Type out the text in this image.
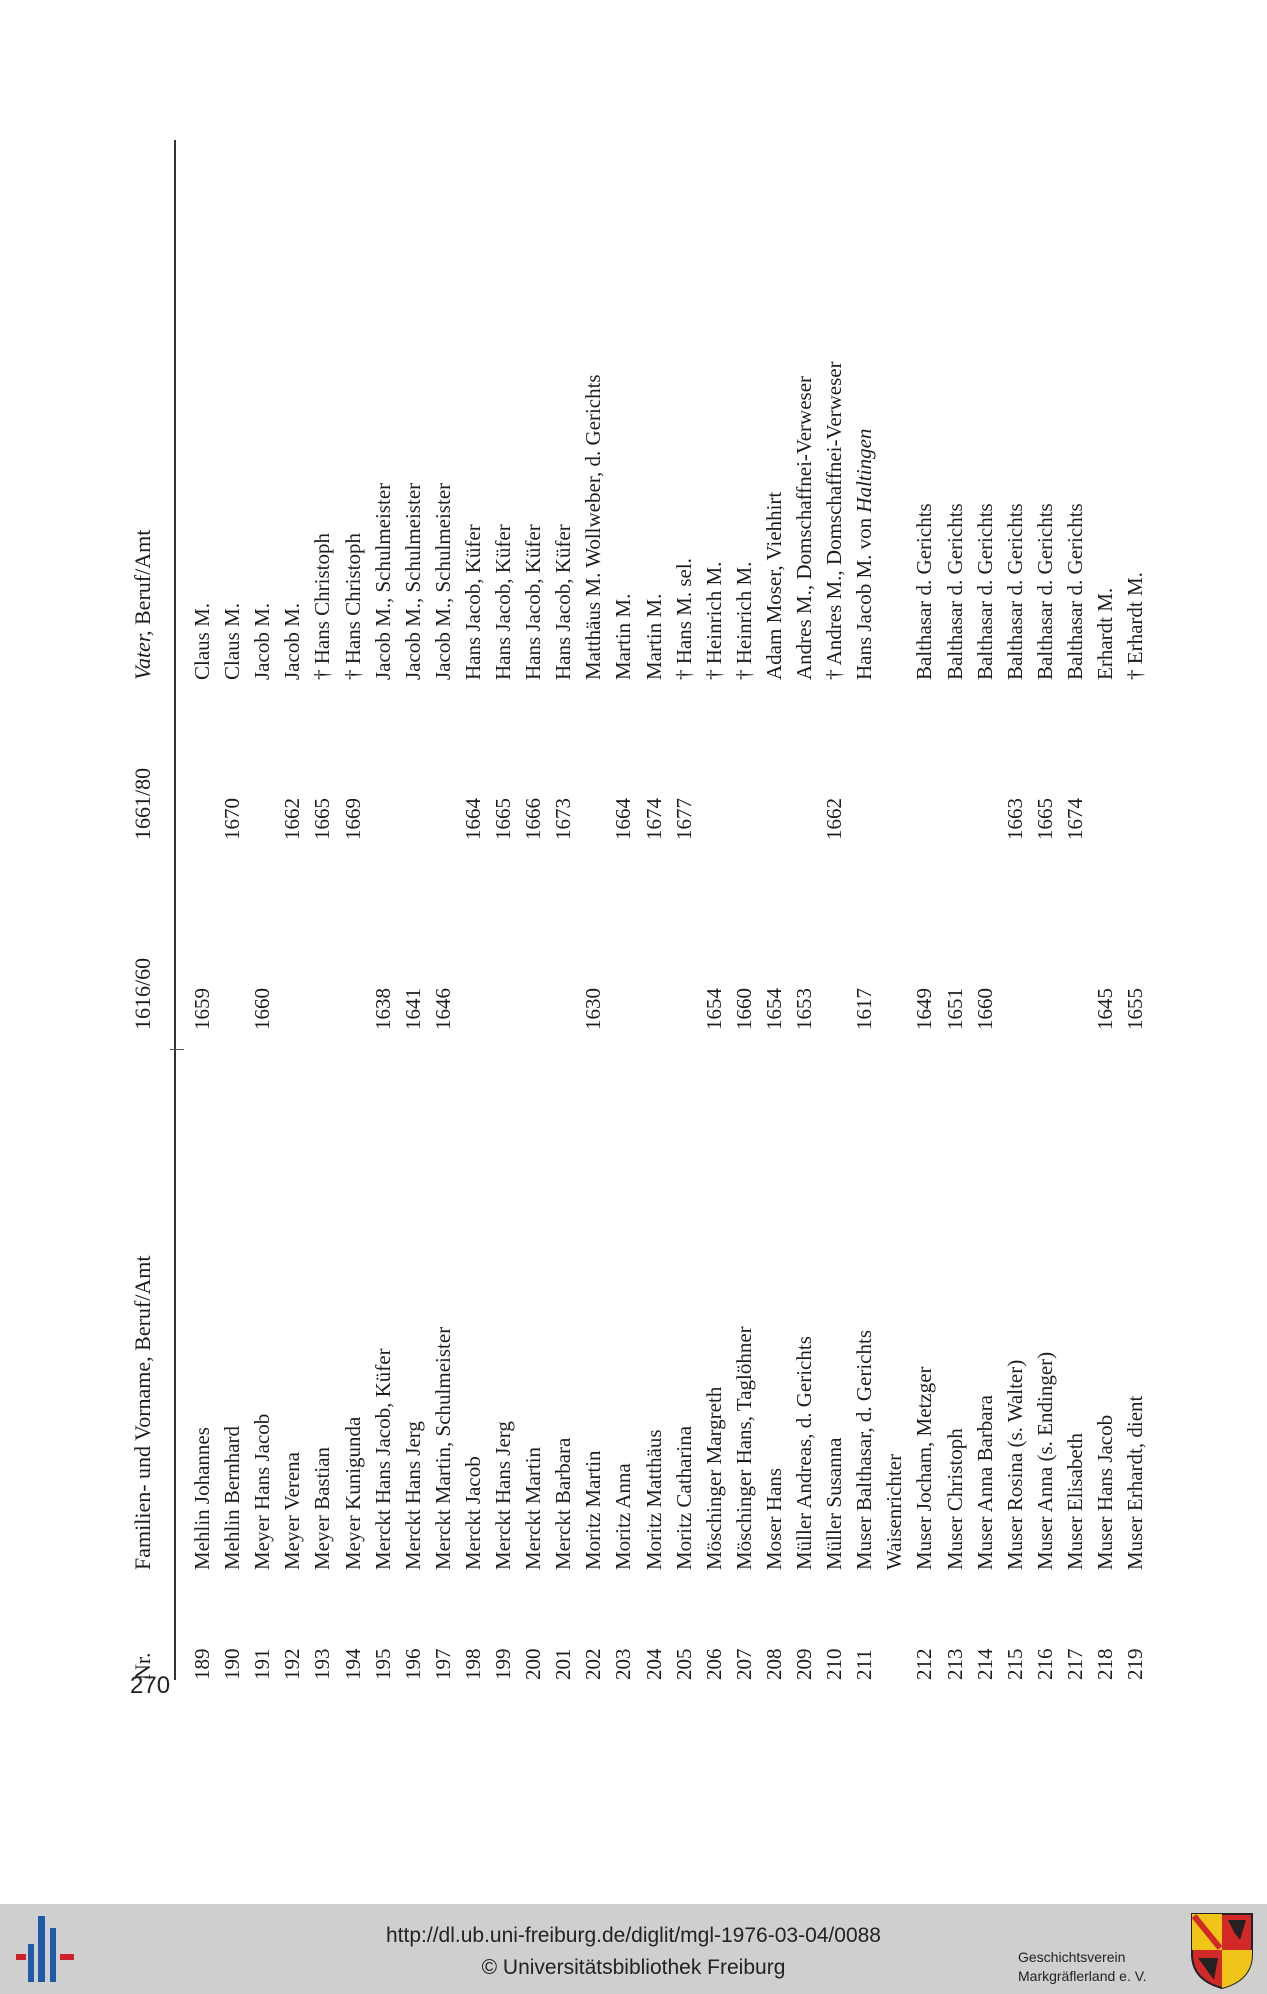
Nr.
Familien- und Vorname, Beruf/Amt
1616/60
1661/80
Vater, Beruf/Amt
189
Mehlin Johannes
1659
Claus M.
190
Mehlin Bernhard
1670
Claus M.
191
Meyer Hans Jacob
1660
Jacob M.
192
Meyer Verena
1662
Jacob M.
193
Meyer Bastian
1665
† Hans Christoph
194
Meyer Kunigunda
1669
† Hans Christoph
195
Merckt Hans Jacob, Küfer
1638
Jacob M., Schulmeister
196
Merckt Hans Jerg
1641
Jacob M., Schulmeister
197
Merckt Martin, Schulmeister
1646
Jacob M., Schulmeister
198
Merckt Jacob
1664
Hans Jacob, Küfer
199
Merckt Hans Jerg
1665
Hans Jacob, Küfer
200
Merckt Martin
1666
Hans Jacob, Küfer
201
Merckt Barbara
1673
Hans Jacob, Küfer
202
Moritz Martin
1630
Matthäus M. Wollweber, d. Gerichts
203
Moritz Anna
1664
Martin M.
204
Moritz Matthäus
1674
Martin M.
205
Moritz Catharina
1677
† Hans M. sel.
206
Möschinger Margreth
1654
† Heinrich M.
207
Möschinger Hans, Taglöhner
1660
† Heinrich M.
208
Moser Hans
1654
Adam Moser, Viehhirt
209
Müller Andreas, d. Gerichts
1653
Andres M., Domschaffnei-Verweser
210
Müller Susanna
1662
† Andres M., Domschaffnei-Verweser
211
Muser Balthasar, d. Gerichts
1617
Hans Jacob M. von Haltingen
Waisenrichter
212
Muser Jocham, Metzger
1649
Balthasar d. Gerichts
213
Muser Christoph
1651
Balthasar d. Gerichts
214
Muser Anna Barbara
1660
Balthasar d. Gerichts
215
Muser Rosina (s. Walter)
1663
Balthasar d. Gerichts
216
Muser Anna (s. Endinger)
1665
Balthasar d. Gerichts
217
Muser Elisabeth
1674
Balthasar d. Gerichts
218
Muser Hans Jacob
1645
Erhardt M.
219
Muser Erhardt, dient
1655
† Erhardt M.
270
http://dl.ub.uni-freiburg.de/diglit/mgl-1976-03-04/0088
© Universitätsbibliothek Freiburg	Geschichtsverein
Markgräflerland e. V.
